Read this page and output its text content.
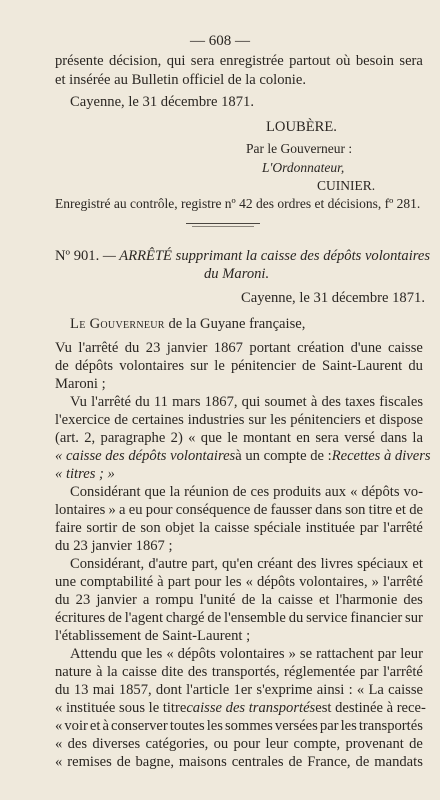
— 608 —
présente décision, qui sera enregistrée partout où besoin sera
et insérée au Bulletin officiel de la colonie.
Cayenne, le 31 décembre 1871.
LOUBÈRE.
Par le Gouverneur :
L'Ordonnateur,
CUINIER.
Enregistré au contrôle, registre nº 42 des ordres et décisions, fº 281.
Nº 901. — ARRÊTÉ supprimant la caisse des dépôts volontaires
du Maroni.
Cayenne, le 31 décembre 1871.
Le Gouverneur de la Guyane française,
Vu l'arrêté du 23 janvier 1867 portant création d'une caisse
de dépôts volontaires sur le pénitencier de Saint-Laurent du
Maroni ;
Vu l'arrêté du 11 mars 1867, qui soumet à des taxes fiscales
l'exercice de certaines industries sur les pénitenciers et dispose
(art. 2, paragraphe 2) « que le montant en sera versé dans la
« caisse des dépôts volontaires à un compte de : Recettes à divers
« titres ; »
Considérant que la réunion de ces produits aux « dépôts vo-
lontaires » a eu pour conséquence de fausser dans son titre et de
faire sortir de son objet la caisse spéciale instituée par l'arrêté
du 23 janvier 1867 ;
Considérant, d'autre part, qu'en créant des livres spéciaux et
une comptabilité à part pour les « dépôts volontaires, » l'arrêté
du 23 janvier a rompu l'unité de la caisse et l'harmonie des
écritures de l'agent chargé de l'ensemble du service financier sur
l'établissement de Saint-Laurent ;
Attendu que les « dépôts volontaires » se rattachent par leur
nature à la caisse dite des transportés, réglementée par l'arrêté
du 13 mai 1857, dont l'article 1er s'exprime ainsi : « La caisse
« instituée sous le titre caisse des transportés est destinée à rece-
« voir et à conserver toutes les sommes versées par les transportés
« des diverses catégories, ou pour leur compte, provenant de
« remises de bagne, maisons centrales de France, de mandats
